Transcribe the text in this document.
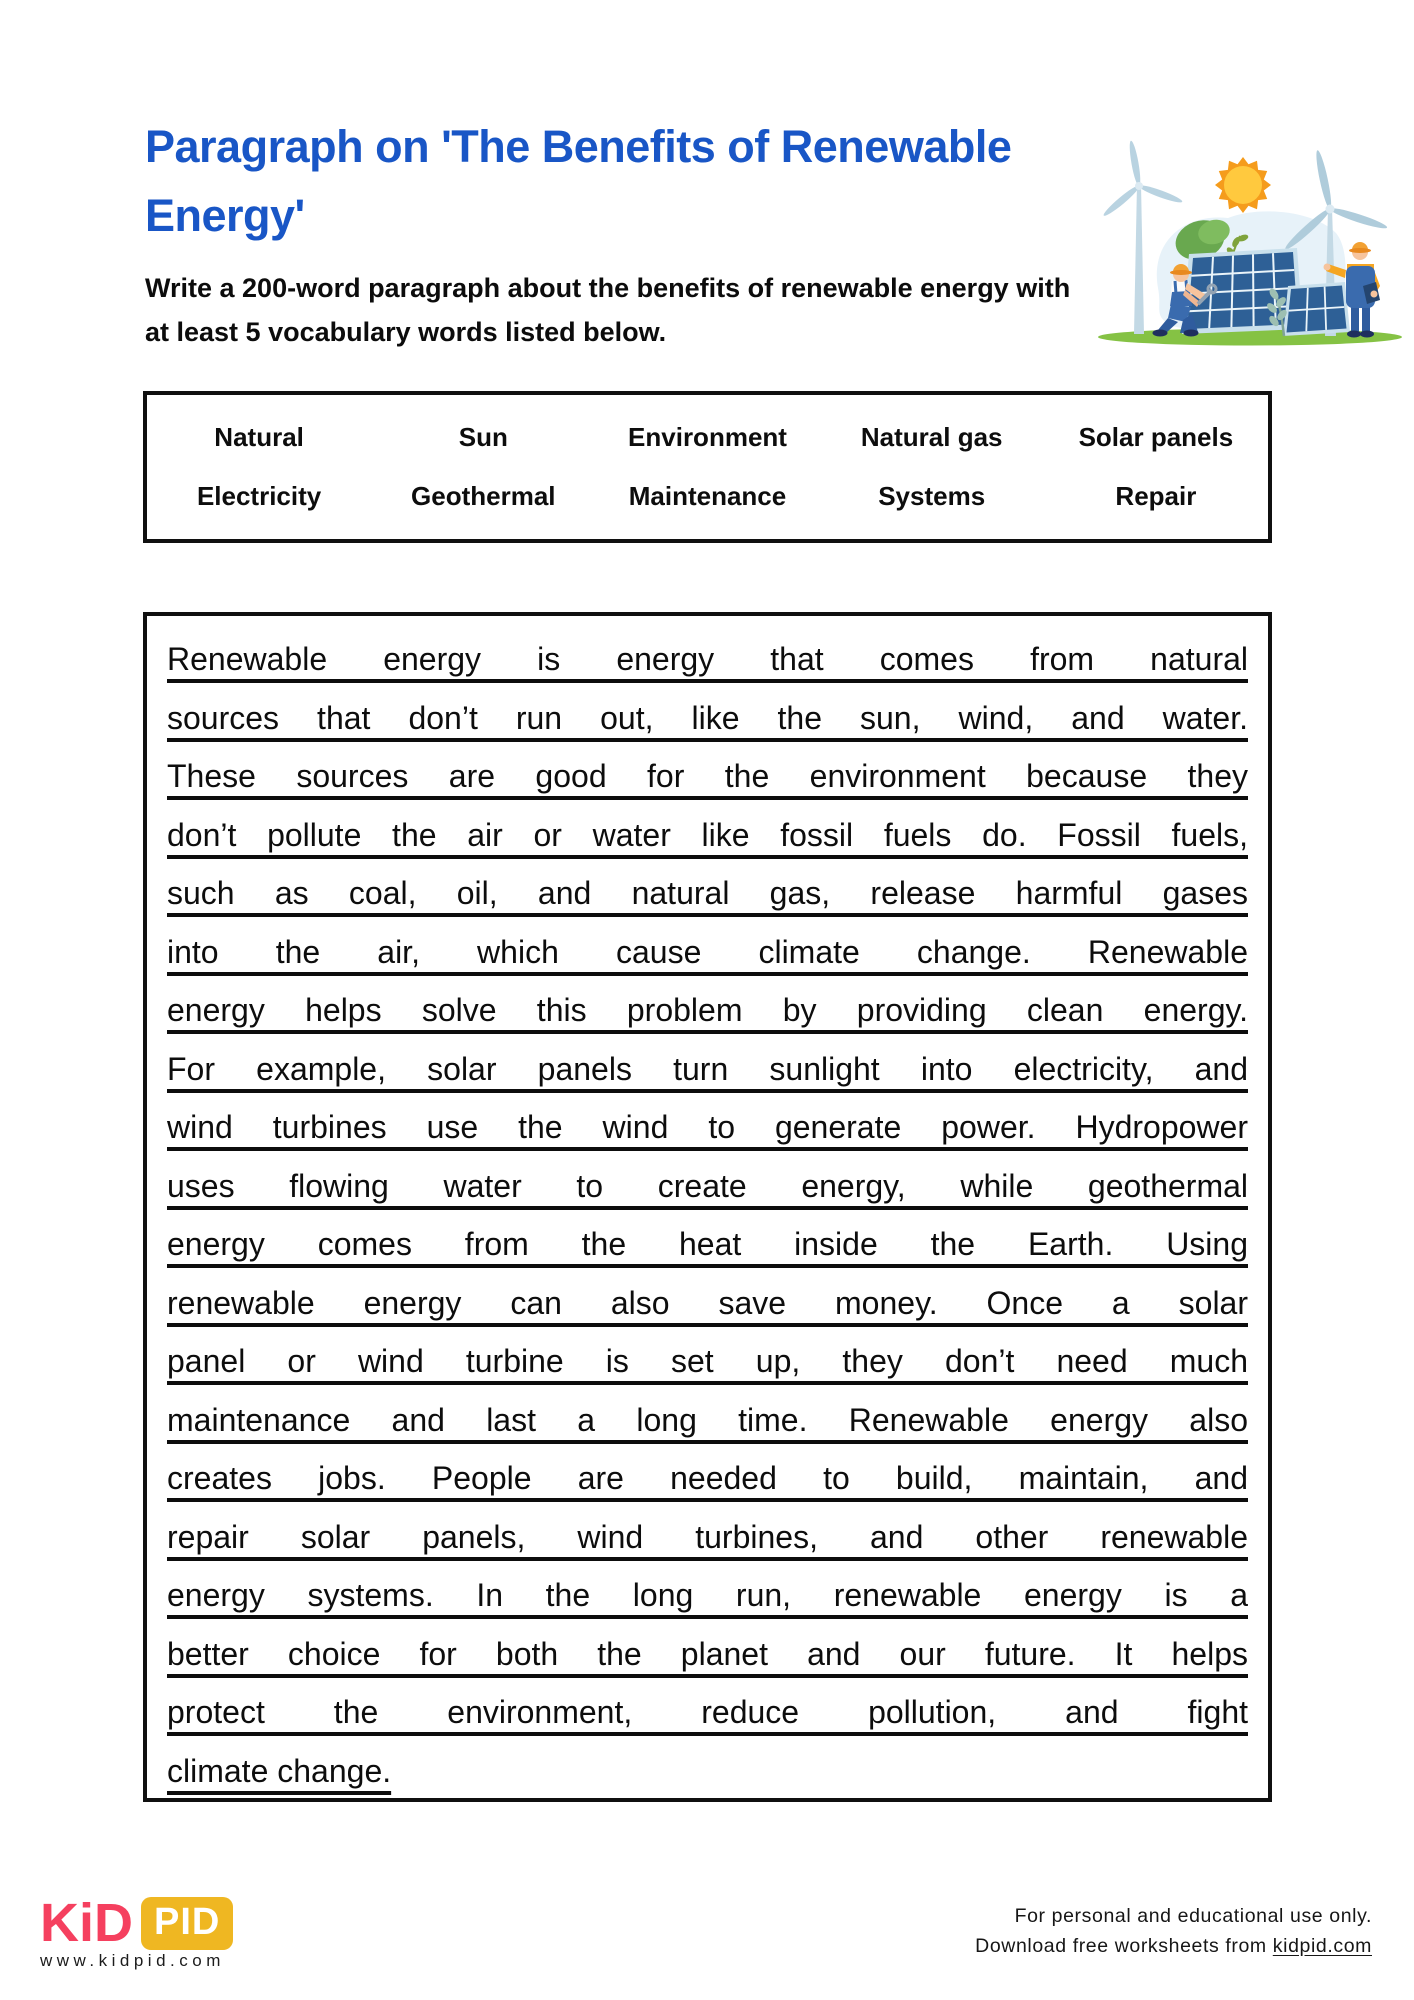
Paragraph on 'The Benefits of Renewable Energy'
Write a 200-word paragraph about the benefits of renewable energy with at least 5 vocabulary words listed below.
Natural	Sun	Environment	Natural gas	Solar panels
Electricity	Geothermal	Maintenance	Systems	Repair
Renewable energy is energy that comes from natural
sources that don’t run out, like the sun, wind, and water.
These sources are good for the environment because they
don’t pollute the air or water like fossil fuels do. Fossil fuels,
such as coal, oil, and natural gas, release harmful gases
into the air, which cause climate change. Renewable
energy helps solve this problem by providing clean energy.
For example, solar panels turn sunlight into electricity, and
wind turbines use the wind to generate power. Hydropower
uses flowing water to create energy, while geothermal
energy comes from the heat inside the Earth. Using
renewable energy can also save money. Once a solar
panel or wind turbine is set up, they don’t need much
maintenance and last a long time. Renewable energy also
creates jobs. People are needed to build, maintain, and
repair solar panels, wind turbines, and other renewable
energy systems. In the long run, renewable energy is a
better choice for both the planet and our future. It helps
protect the environment, reduce pollution, and fight
climate change.
KiD PID
www.kidpid.com
For personal and educational use only.
Download free worksheets from kidpid.com
